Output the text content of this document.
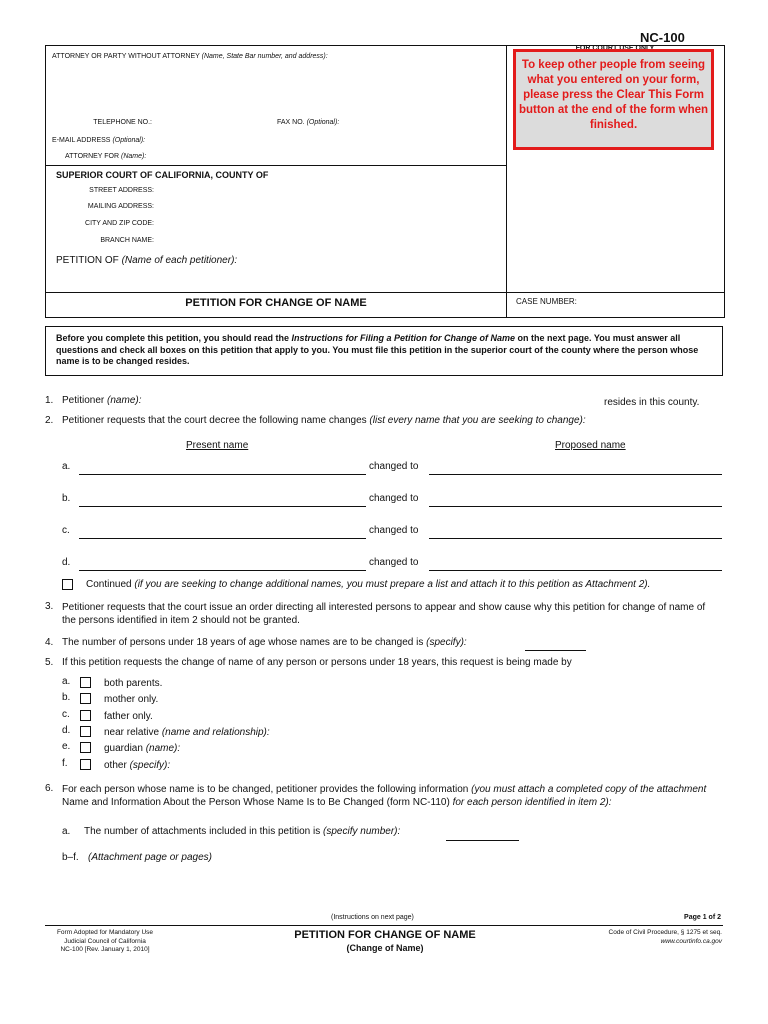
NC-100
ATTORNEY OR PARTY WITHOUT ATTORNEY (Name, State Bar number, and address):
TELEPHONE NO.:	FAX NO. (Optional):
E-MAIL ADDRESS (Optional):
ATTORNEY FOR (Name):
SUPERIOR COURT OF CALIFORNIA, COUNTY OF
STREET ADDRESS:
MAILING ADDRESS:
CITY AND ZIP CODE:
BRANCH NAME:
PETITION OF (Name of each petitioner):
PETITION FOR CHANGE OF NAME	CASE NUMBER:
To keep other people from seeing what you entered on your form, please press the Clear This Form button at the end of the form when finished.
Before you complete this petition, you should read the Instructions for Filing a Petition for Change of Name on the next page. You must answer all questions and check all boxes on this petition that apply to you. You must file this petition in the superior court of the county where the person whose name is to be changed resides.
1. Petitioner (name):	resides in this county.
2. Petitioner requests that the court decree the following name changes (list every name that you are seeking to change):
Present name	Proposed name
a.	changed to
b.	changed to
c.	changed to
d.	changed to
Continued (if you are seeking to change additional names, you must prepare a list and attach it to this petition as Attachment 2).
3. Petitioner requests that the court issue an order directing all interested persons to appear and show cause why this petition for change of name of the persons identified in item 2 should not be granted.
4. The number of persons under 18 years of age whose names are to be changed is (specify):
5. If this petition requests the change of name of any person or persons under 18 years, this request is being made by
a.	both parents.
b.	mother only.
c.	father only.
d.	near relative (name and relationship):
e.	guardian (name):
f.	other (specify):
6. For each person whose name is to be changed, petitioner provides the following information (you must attach a completed copy of the attachment Name and Information About the Person Whose Name Is to Be Changed (form NC-110) for each person identified in item 2):
a. The number of attachments included in this petition is (specify number):
b–f. (Attachment page or pages)
(Instructions on next page)	Page 1 of 2
Form Adopted for Mandatory Use
Judicial Council of California
NC-100 [Rev. January 1, 2010]
PETITION FOR CHANGE OF NAME
(Change of Name)
Code of Civil Procedure, § 1275 et seq.
www.courtinfo.ca.gov
